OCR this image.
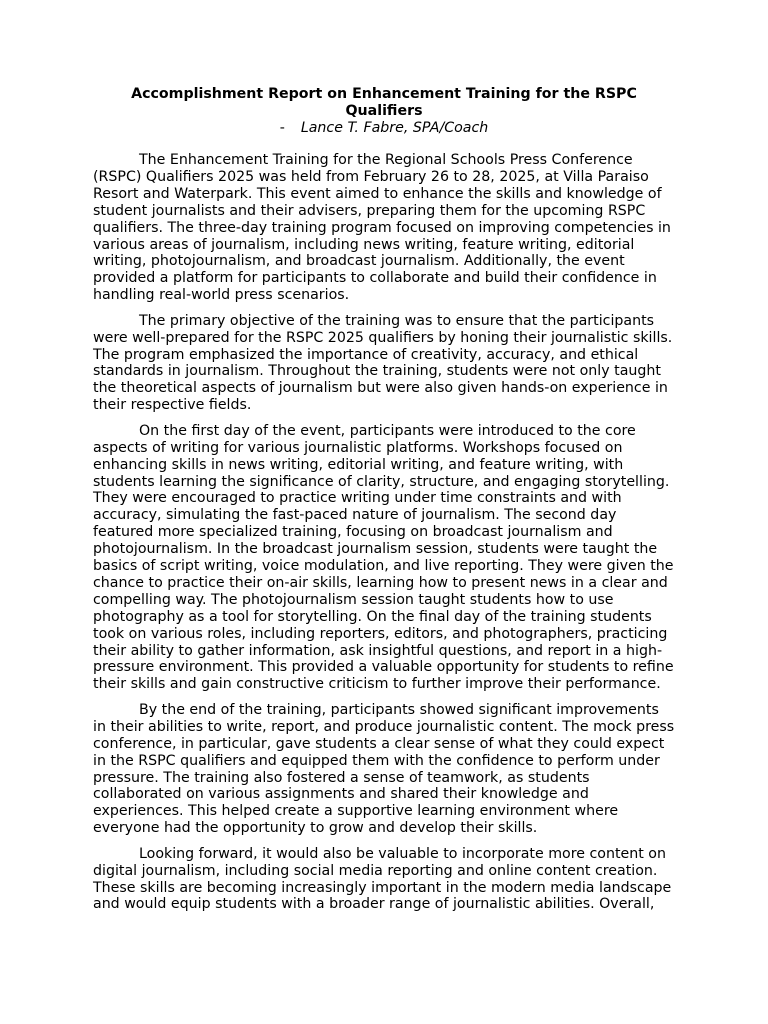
Accomplishment Report on Enhancement Training for the RSPC Qualifiers
- Lance T. Fabre, SPA/Coach

The Enhancement Training for the Regional Schools Press Conference (RSPC) Qualifiers 2025 was held from February 26 to 28, 2025, at Villa Paraiso Resort and Waterpark. This event aimed to enhance the skills and knowledge of student journalists and their advisers, preparing them for the upcoming RSPC qualifiers. The three-day training program focused on improving competencies in various areas of journalism, including news writing, feature writing, editorial writing, photojournalism, and broadcast journalism. Additionally, the event provided a platform for participants to collaborate and build their confidence in handling real-world press scenarios.

The primary objective of the training was to ensure that the participants were well-prepared for the RSPC 2025 qualifiers by honing their journalistic skills. The program emphasized the importance of creativity, accuracy, and ethical standards in journalism. Throughout the training, students were not only taught the theoretical aspects of journalism but were also given hands-on experience in their respective fields.

On the first day of the event, participants were introduced to the core aspects of writing for various journalistic platforms. Workshops focused on enhancing skills in news writing, editorial writing, and feature writing, with students learning the significance of clarity, structure, and engaging storytelling. They were encouraged to practice writing under time constraints and with accuracy, simulating the fast-paced nature of journalism. The second day featured more specialized training, focusing on broadcast journalism and photojournalism. In the broadcast journalism session, students were taught the basics of script writing, voice modulation, and live reporting. They were given the chance to practice their on-air skills, learning how to present news in a clear and compelling way. The photojournalism session taught students how to use photography as a tool for storytelling. On the final day of the training students took on various roles, including reporters, editors, and photographers, practicing their ability to gather information, ask insightful questions, and report in a high-pressure environment. This provided a valuable opportunity for students to refine their skills and gain constructive criticism to further improve their performance.

By the end of the training, participants showed significant improvements in their abilities to write, report, and produce journalistic content. The mock press conference, in particular, gave students a clear sense of what they could expect in the RSPC qualifiers and equipped them with the confidence to perform under pressure. The training also fostered a sense of teamwork, as students collaborated on various assignments and shared their knowledge and experiences. This helped create a supportive learning environment where everyone had the opportunity to grow and develop their skills.

Looking forward, it would also be valuable to incorporate more content on digital journalism, including social media reporting and online content creation. These skills are becoming increasingly important in the modern media landscape and would equip students with a broader range of journalistic abilities. Overall,
